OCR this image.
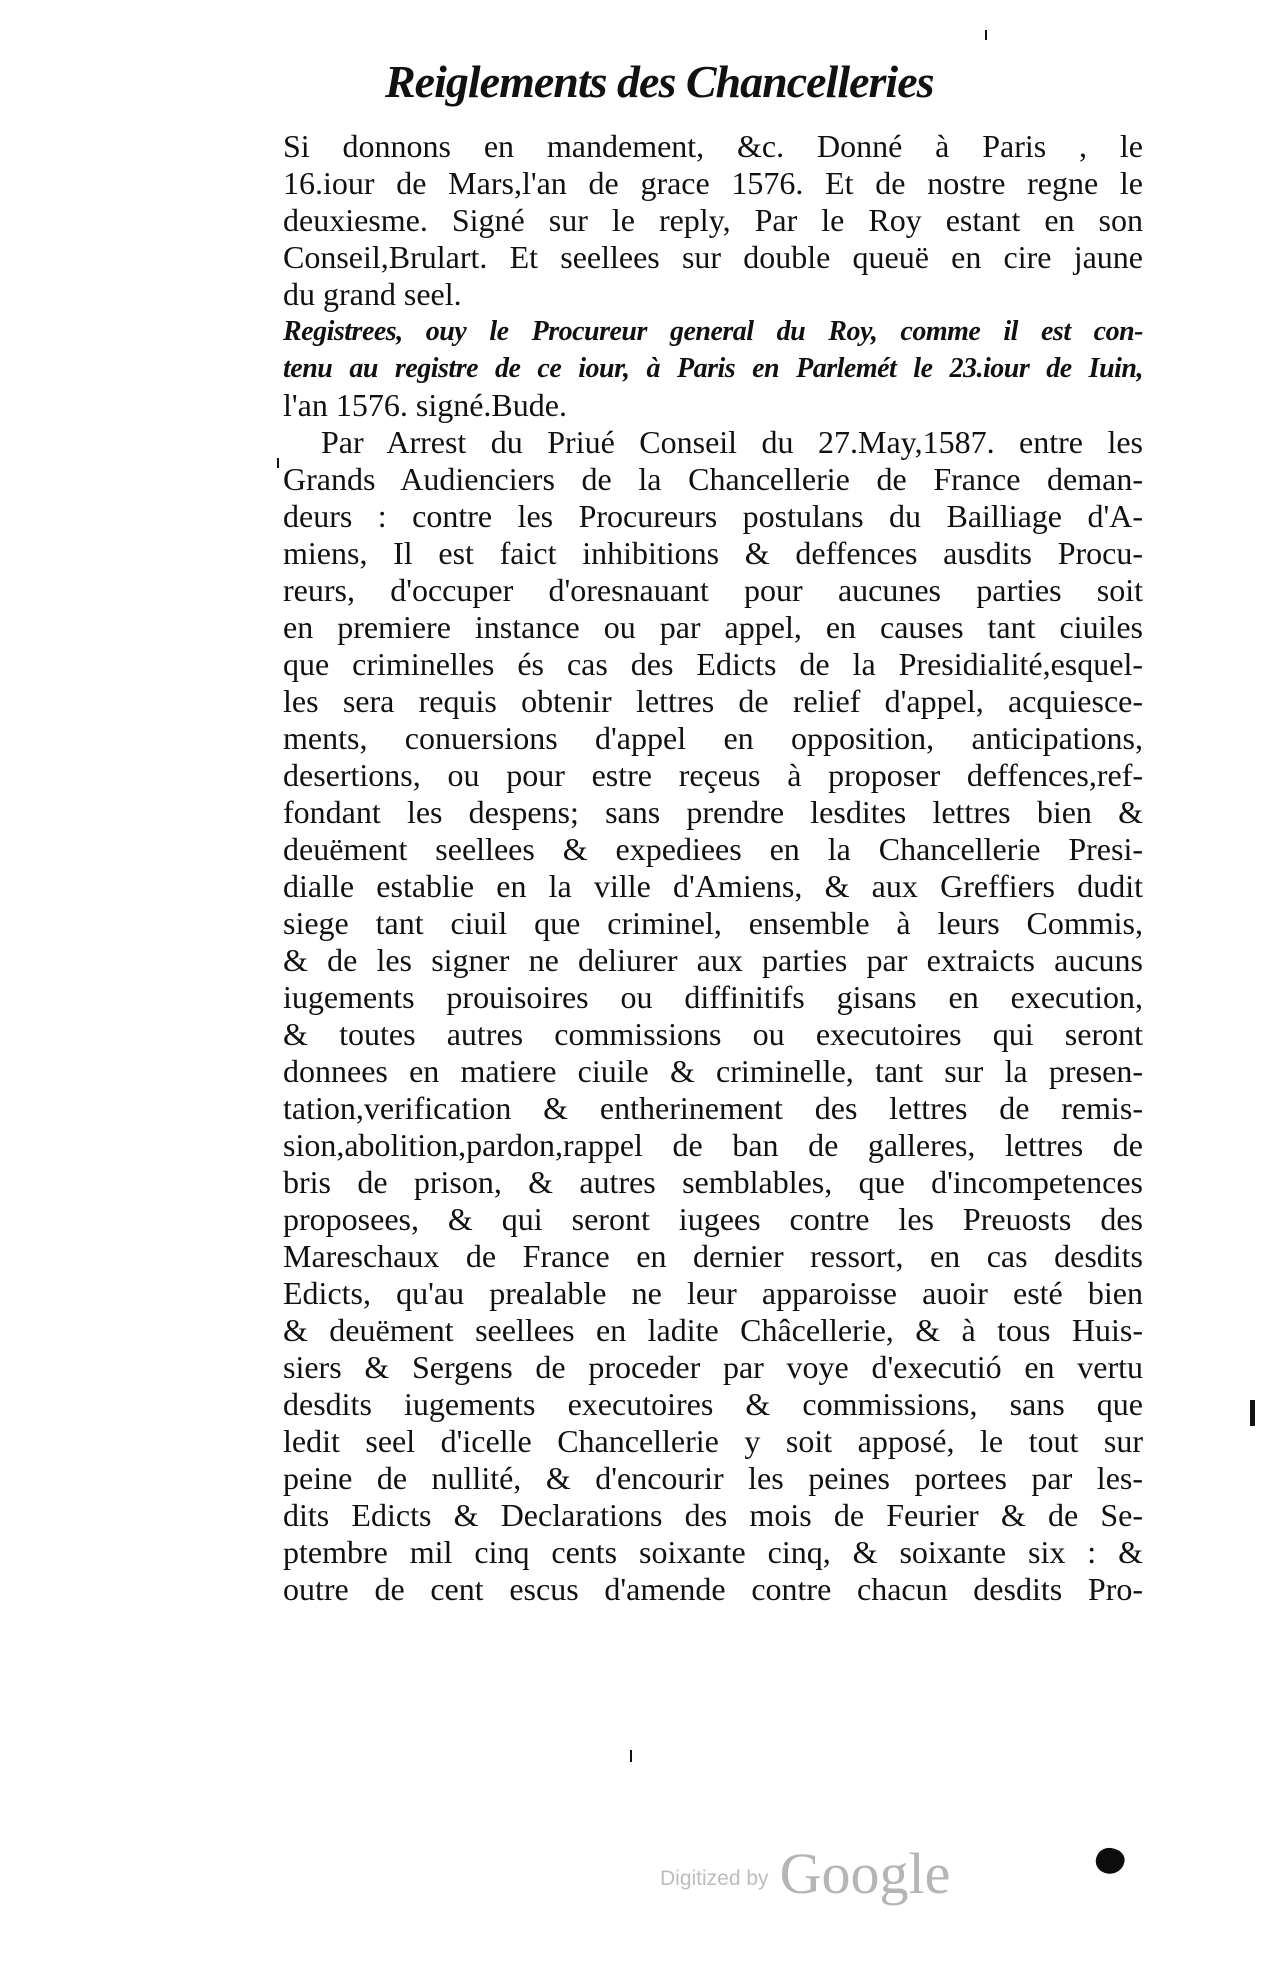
Reiglements des Chancelleries
Si donnons en mandement, &c. Donné à Paris , le
16.iour de Mars,l'an de grace 1576. Et de nostre regne le
deuxiesme. Signé sur le reply, Par le Roy estant en son
Conseil,Brulart. Et seellees sur double queuë en cire jaune
du grand seel.
Registrees, ouy le Procureur general du Roy, comme il est con-
tenu au registre de ce iour, à Paris en Parlemét le 23.iour de Iuin,
l'an 1576. signé.Bude.
Par Arrest du Priué Conseil du 27.May,1587. entre les
Grands Audienciers de la Chancellerie de France deman-
deurs : contre les Procureurs postulans du Bailliage d'A-
miens, Il est faict inhibitions & deffences ausdits Procu-
reurs, d'occuper d'oresnauant pour aucunes parties soit
en premiere instance ou par appel, en causes tant ciuiles
que criminelles és cas des Edicts de la Presidialité,esquel-
les sera requis obtenir lettres de relief d'appel, acquiesce-
ments, conuersions d'appel en opposition, anticipations,
desertions, ou pour estre reçeus à proposer deffences,ref-
fondant les despens; sans prendre lesdites lettres bien &
deuëment seellees & expediees en la Chancellerie Presi-
dialle establie en la ville d'Amiens, & aux Greffiers dudit
siege tant ciuil que criminel, ensemble à leurs Commis,
& de les signer ne deliurer aux parties par extraicts aucuns
iugements prouisoires ou diffinitifs gisans en execution,
& toutes autres commissions ou executoires qui seront
donnees en matiere ciuile & criminelle, tant sur la presen-
tation,verification & entherinement des lettres de remis-
sion,abolition,pardon,rappel de ban de galleres, lettres de
bris de prison, & autres semblables, que d'incompetences
proposees, & qui seront iugees contre les Preuosts des
Mareschaux de France en dernier ressort, en cas desdits
Edicts, qu'au prealable ne leur apparoisse auoir esté bien
& deuëment seellees en ladite Châcellerie, & à tous Huis-
siers & Sergens de proceder par voye d'executió en vertu
desdits iugements executoires & commissions, sans que
ledit seel d'icelle Chancellerie y soit apposé, le tout sur
peine de nullité, & d'encourir les peines portees par les-
dits Edicts & Declarations des mois de Feurier & de Se-
ptembre mil cinq cents soixante cinq, & soixante six : &
outre de cent escus d'amende contre chacun desdits Pro-
Digitized by Google
